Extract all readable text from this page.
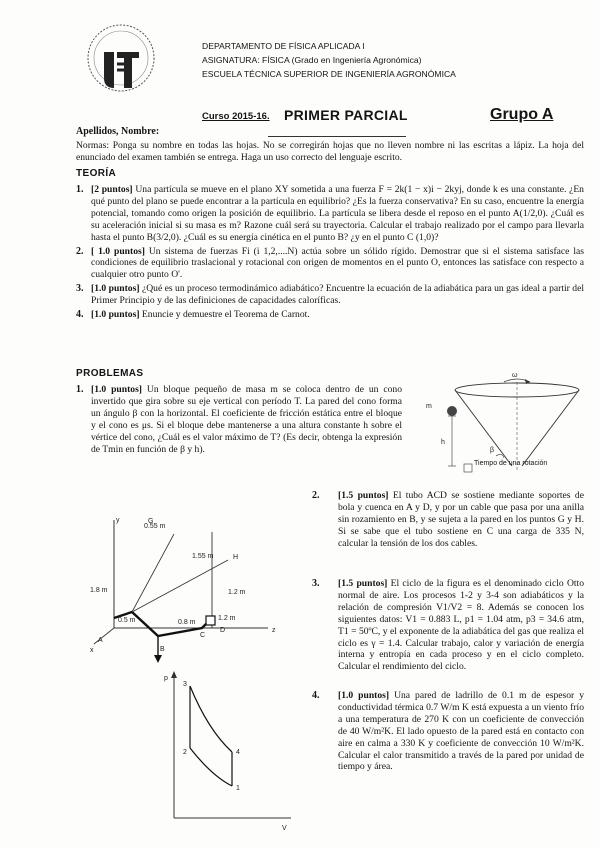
DEPARTAMENTO DE FÍSICA APLICADA I
ASIGNATURA: FÍSICA (Grado en Ingeniería Agronómica)
ESCUELA TÉCNICA SUPERIOR DE INGENIERÍA AGRONÓMICA
Curso 2015-16. PRIMER PARCIAL	Grupo A
Apellidos, Nombre:
Normas: Ponga su nombre en todas las hojas. No se corregirán hojas que no lleven nombre ni las escritas a lápiz. La hoja del enunciado del examen también se entrega. Haga un uso correcto del lenguaje escrito.
TEORÍA
1. [2 puntos] Una partícula se mueve en el plano XY sometida a una fuerza F = 2k(1 − x)i − 2kyj, donde k es una constante. ¿En qué punto del plano se puede encontrar a la partícula en equilibrio? ¿Es la fuerza conservativa? En su caso, encuentre la energía potencial, tomando como origen la posición de equilibrio. La partícula se libera desde el reposo en el punto A(1/2,0). ¿Cuál es su aceleración inicial si su masa es m? Razone cuál será su trayectoria. Calcular el trabajo realizado por el campo para llevarla hasta el punto B(3/2,0). ¿Cuál es su energía cinética en el punto B? ¿y en el punto C (1,0)?
2. [ 1.0 puntos] Un sistema de fuerzas Fi (i 1,2,....N) actúa sobre un sólido rígido. Demostrar que si el sistema satisface las condiciones de equilibrio traslacional y rotacional con origen de momentos en el punto O, entonces las satisface con respecto a cualquier otro punto O'.
3. [1.0 puntos] ¿Qué es un proceso termodinámico adiabático? Encuentre la ecuación de la adiabática para un gas ideal a partir del Primer Principio y de las definiciones de capacidades caloríficas.
4. [1.0 puntos] Enuncie y demuestre el Teorema de Carnot.
PROBLEMAS
1. [1.0 puntos] Un bloque pequeño de masa m se coloca dentro de un cono invertido que gira sobre su eje vertical con período T. La pared del cono forma un ángulo β con la horizontal. El coeficiente de fricción estática entre el bloque y el cono es μs. Si el bloque debe mantenerse a una altura constante h sobre el vértice del cono, ¿Cuál es el valor máximo de T? (Es decir, obtenga la expresión de Tmin en función de β y h).
ω
m
h
β
Tiempo de una rotación
G
H
A
B
C
D
x
z
y
0.55 m
1.55 m
1.2 m
1.8 m
0.5 m	0.8 m
1.2 m
2. [1.5 puntos] El tubo ACD se sostiene mediante soportes de bola y cuenca en A y D, y por un cable que pasa por una anilla sin rozamiento en B, y se sujeta a la pared en los puntos G y H. Si se sabe que el tubo sostiene en C una carga de 335 N, calcular la tensión de los dos cables.
3. [1.5 puntos] El ciclo de la figura es el denominado ciclo Otto normal de aire. Los procesos 1-2 y 3-4 son adiabáticos y la relación de compresión V1/V2 = 8. Además se conocen los siguientes datos: V1 = 0.883 L, p1 = 1.04 atm, p3 = 34.6 atm, T1 = 50ºC, y el exponente de la adiabática del gas que realiza el ciclo es γ = 1.4. Calcular trabajo, calor y variación de energía interna y entropía en cada proceso y en el ciclo completo. Calcular el rendimiento del ciclo.
p
V
1
2
3
4
4. [1.0 puntos] Una pared de ladrillo de 0.1 m de espesor y conductividad térmica 0.7 W/m K está expuesta a un viento frío a una temperatura de 270 K con un coeficiente de convección de 40 W/m²K. El lado opuesto de la pared está en contacto con aire en calma a 330 K y coeficiente de convección 10 W/m²K. Calcular el calor transmitido a través de la pared por unidad de tiempo y área.
